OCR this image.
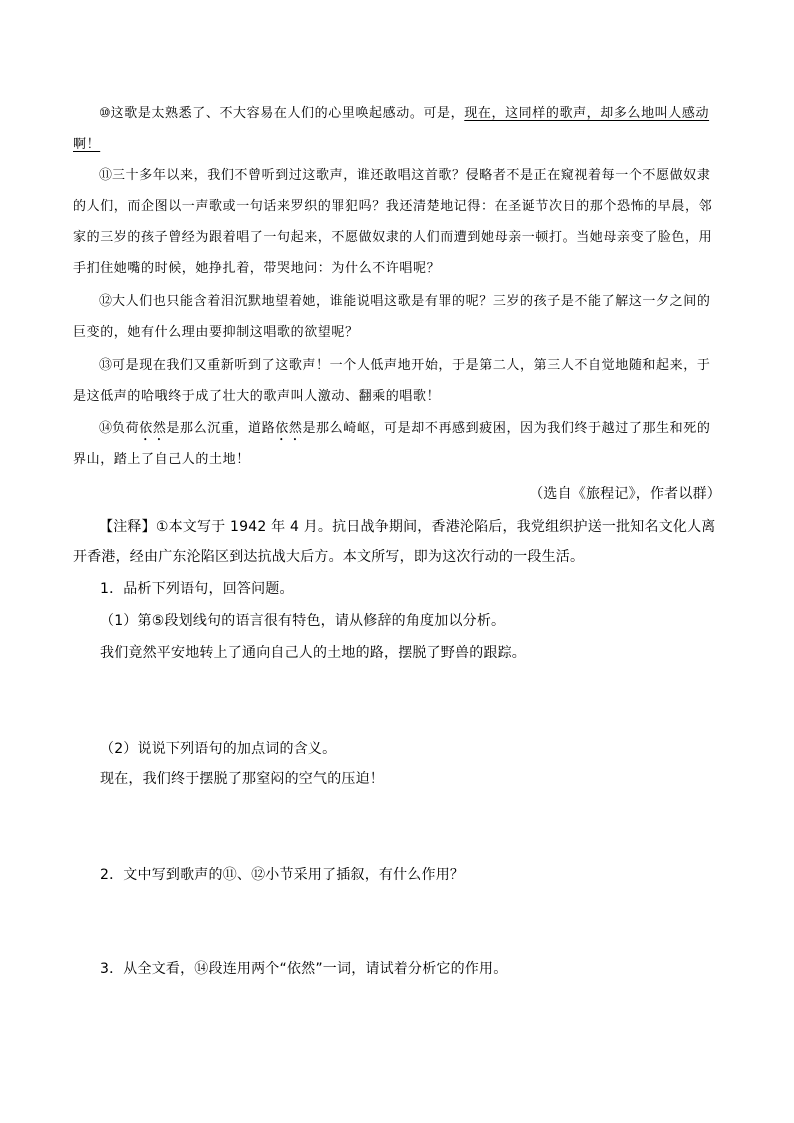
⑩这歌是太熟悉了、不大容易在人们的心里唤起感动。可是，现在，这同样的歌声，却多么地叫人感动啊！

⑪三十多年以来，我们不曾听到过这歌声，谁还敢唱这首歌？侵略者不是正在窥视着每一个不愿做奴隶的人们，而企图以一声歌或一句话来罗织的罪犯吗？我还清楚地记得：在圣诞节次日的那个恐怖的早晨，邻家的三岁的孩子曾经为跟着唱了一句起来，不愿做奴隶的人们而遭到她母亲一顿打。当她母亲变了脸色，用手扪住她嘴的时候，她挣扎着，带哭地问：为什么不许唱呢？

⑫大人们也只能含着泪沉默地望着她，谁能说唱这歌是有罪的呢？三岁的孩子是不能了解这一夕之间的巨变的，她有什么理由要抑制这唱歌的欲望呢？

⑬可是现在我们又重新听到了这歌声！一个人低声地开始，于是第二人，第三人不自觉地随和起来，于是这低声的哈哦终于成了壮大的歌声叫人激动、翻乘的唱歌！

⑭负荷依然是那么沉重，道路依然是那么崎岖，可是却不再感到疲困，因为我们终于越过了那生和死的界山，踏上了自己人的土地！

（选自《旅程记》，作者以群）

【注释】①本文写于 1942 年 4 月。抗日战争期间，香港沦陷后，我党组织护送一批知名文化人离开香港，经由广东沦陷区到达抗战大后方。本文所写，即为这次行动的一段生活。

1．品析下列语句，回答问题。
（1）第⑤段划线句的语言很有特色，请从修辞的角度加以分析。
我们竟然平安地转上了通向自己人的土地的路，摆脱了野兽的跟踪。
（2）说说下列语句的加点词的含义。
现在，我们终于摆脱了那窒闷的空气的压迫！
2．文中写到歌声的⑪、⑫小节采用了插叙，有什么作用？
3．从全文看，⑭段连用两个“依然”一词，请试着分析它的作用。
